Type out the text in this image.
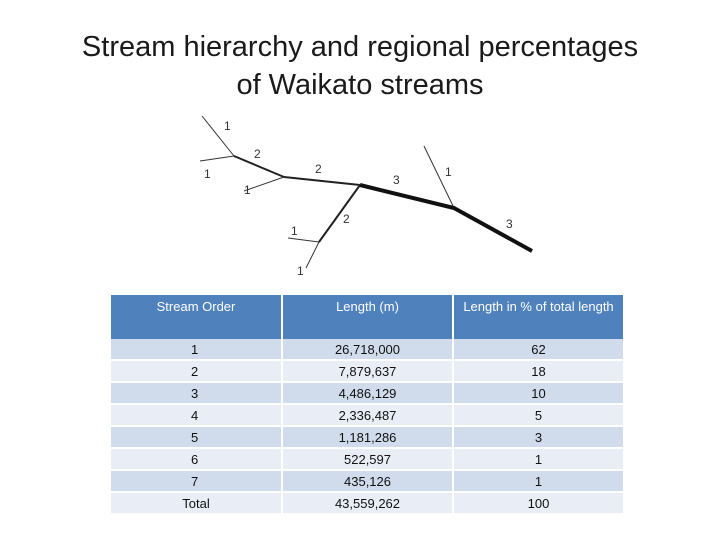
Stream hierarchy and regional percentages
of Waikato streams
1
2
1
1
2
3
1
2
1
1
3
Stream Order	Length (m)	Length in % of total length
1	26,718,000	62
2	7,879,637	18
3	4,486,129	10
4	2,336,487	5
5	1,181,286	3
6	522,597	1
7	435,126	1
Total	43,559,262	100
